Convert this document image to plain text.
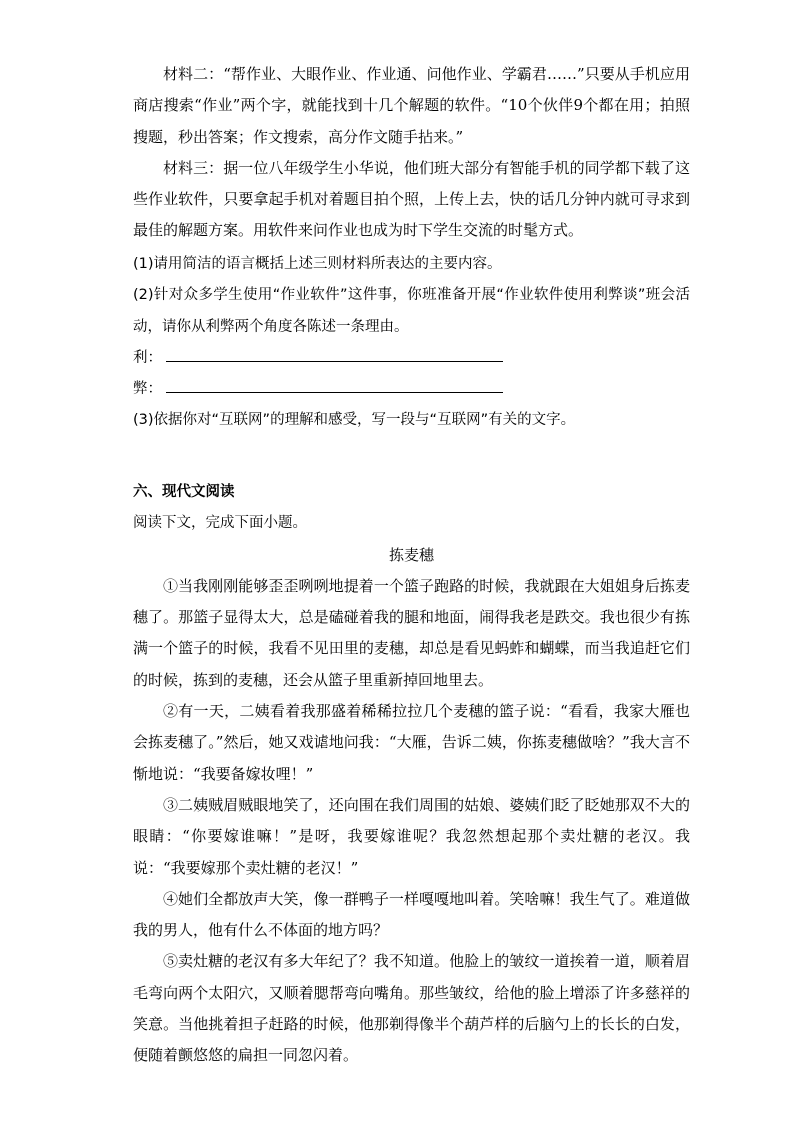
材料二：“帮作业、大眼作业、作业通、问他作业、学霸君……”只要从手机应用商店搜索“作业”两个字，就能找到十几个解题的软件。“10个伙伴9个都在用；拍照搜题，秒出答案；作文搜索，高分作文随手拈来。”

材料三：据一位八年级学生小华说，他们班大部分有智能手机的同学都下载了这些作业软件，只要拿起手机对着题目拍个照，上传上去，快的话几分钟内就可寻求到最佳的解题方案。用软件来问作业也成为时下学生交流的时髦方式。

(1)请用简洁的语言概括上述三则材料所表达的主要内容。

(2)针对众多学生使用“作业软件”这件事，你班准备开展“作业软件使用利弊谈”班会活动，请你从利弊两个角度各陈述一条理由。

利：

弊：

(3)依据你对“互联网”的理解和感受，写一段与“互联网”有关的文字。

六、现代文阅读

阅读下文，完成下面小题。

拣麦穗

①当我刚刚能够歪歪咧咧地提着一个篮子跑路的时候，我就跟在大姐姐身后拣麦穗了。那篮子显得太大，总是磕碰着我的腿和地面，闹得我老是跌交。我也很少有拣满一个篮子的时候，我看不见田里的麦穗，却总是看见蚂蚱和蝴蝶，而当我追赶它们的时候，拣到的麦穗，还会从篮子里重新掉回地里去。

②有一天，二姨看着我那盛着稀稀拉拉几个麦穗的篮子说：“看看，我家大雁也会拣麦穗了。”然后，她又戏谑地问我：“大雁，告诉二姨，你拣麦穗做啥？”我大言不惭地说：“我要备嫁妆哩！”

③二姨贼眉贼眼地笑了，还向围在我们周围的姑娘、婆姨们眨了眨她那双不大的眼睛：“你要嫁谁嘛！”是呀，我要嫁谁呢？我忽然想起那个卖灶糖的老汉。我说：“我要嫁那个卖灶糖的老汉！”

④她们全都放声大笑，像一群鸭子一样嘎嘎地叫着。笑啥嘛！我生气了。难道做我的男人，他有什么不体面的地方吗？

⑤卖灶糖的老汉有多大年纪了？我不知道。他脸上的皱纹一道挨着一道，顺着眉毛弯向两个太阳穴，又顺着腮帮弯向嘴角。那些皱纹，给他的脸上增添了许多慈祥的笑意。当他挑着担子赶路的时候，他那剃得像半个葫芦样的后脑勺上的长长的白发，便随着颤悠悠的扁担一同忽闪着。
